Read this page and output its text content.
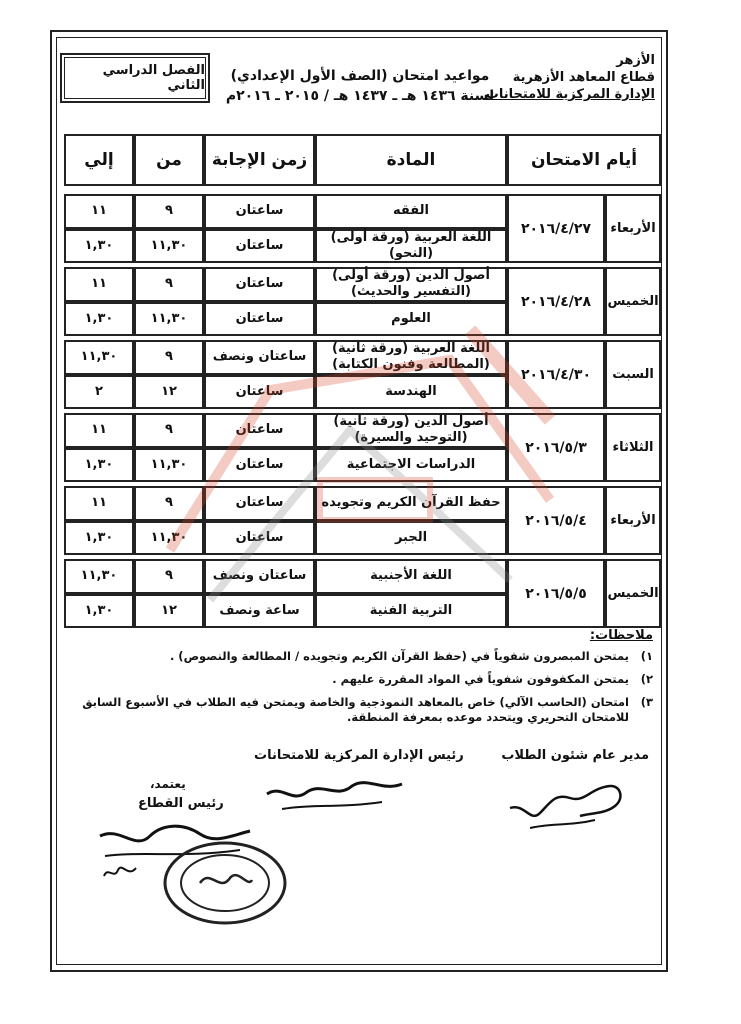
الأزهر
قطاع المعاهد الأزهرية
الإدارة المركزية للامتحانات
مواعيد امتحان (الصف الأول الإعدادي)
لسنة ١٤٣٦ هـ ـ ١٤٣٧ هـ / ٢٠١٥ ـ ٢٠١٦م
الفصل الدراسي الثاني
أيام الامتحان
المادة
زمن الإجابة
من
إلي
الأربعاء
٢٠١٦/٤/٢٧
الفقه
ساعتان
٩
١١
اللغة العربية (ورقة أولى) (النحو)
ساعتان
١١,٣٠
١,٣٠
الخميس
٢٠١٦/٤/٢٨
أصول الدين (ورقة أولى) (التفسير والحديث)
ساعتان
٩
١١
العلوم
ساعتان
١١,٣٠
١,٣٠
السبت
٢٠١٦/٤/٣٠
اللغة العربية (ورقة ثانية) (المطالعة وفنون الكتابة)
ساعتان ونصف
٩
١١,٣٠
الهندسة
ساعتان
١٢
٢
الثلاثاء
٢٠١٦/٥/٣
أصول الدين (ورقة ثانية) (التوحيد والسيرة)
ساعتان
٩
١١
الدراسات الاجتماعية
ساعتان
١١,٣٠
١,٣٠
الأربعاء
٢٠١٦/٥/٤
حفظ القرآن الكريم وتجويده
ساعتان
٩
١١
الجبر
ساعتان
١١,٣٠
١,٣٠
الخميس
٢٠١٦/٥/٥
اللغة الأجنبية
ساعتان ونصف
٩
١١,٣٠
التربية الفنية
ساعة ونصف
١٢
١,٣٠
ملاحظات:
١)
يمتحن المبصرون شفوياً في (حفظ القرآن الكريم وتجويده / المطالعة والنصوص) .
٢)
يمتحن المكفوفون شفوياً في المواد المقررة عليهم .
٣)
امتحان (الحاسب الآلي) خاص بالمعاهد النموذجية والخاصة ويمتحن فيه الطلاب في الأسبوع السابق للامتحان التحريري ويتحدد موعده بمعرفة المنطقة.
مدير عام شئون الطلاب
رئيس الإدارة المركزية للامتحانات
يعتمد،
رئيس القطاع
